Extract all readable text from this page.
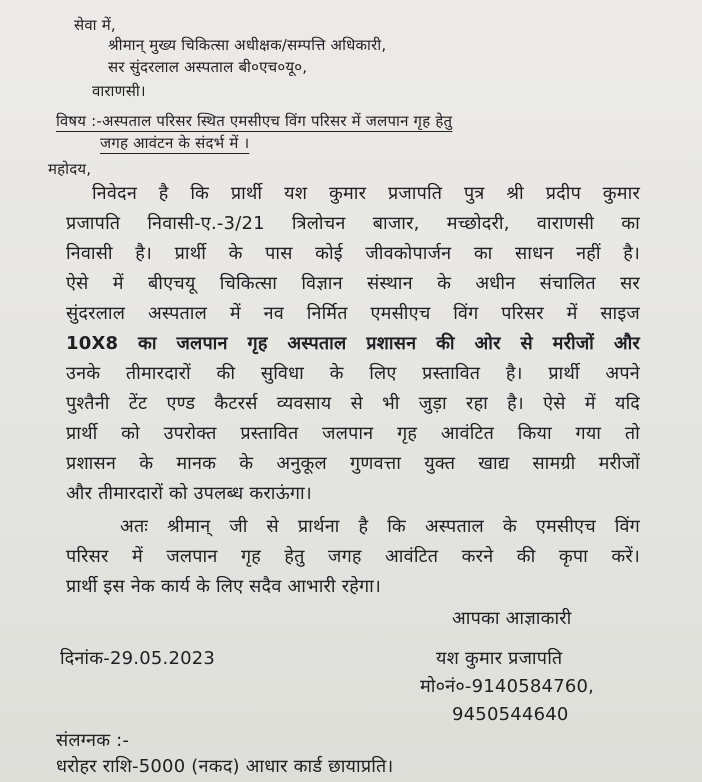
सेवा में,
श्रीमान् मुख्य चिकित्सा अधीक्षक/सम्पत्ति अधिकारी,
सर सुंदरलाल अस्पताल बी०एच०यू०,
वाराणसी।
विषय :-अस्पताल परिसर स्थित एमसीएच विंग परिसर में जलपान गृह हेतु
जगह आवंटन के संदर्भ में ।
महोदय,
निवेदन है कि प्रार्थी यश कुमार प्रजापति पुत्र श्री प्रदीप कुमार
प्रजापति निवासी-ए.-3/21 त्रिलोचन बाजार, मच्छोदरी, वाराणसी का
निवासी है। प्रार्थी के पास कोई जीवकोपार्जन का साधन नहीं है।
ऐसे में बीएचयू चिकित्सा विज्ञान संस्थान के अधीन संचालित सर
सुंदरलाल अस्पताल में नव निर्मित एमसीएच विंग परिसर में साइज
10X8 का जलपान गृह अस्पताल प्रशासन की ओर से मरीजों और
उनके तीमारदारों की सुविधा के लिए प्रस्तावित है। प्रार्थी अपने
पुश्तैनी टेंट एण्ड कैटरर्स व्यवसाय से भी जुड़ा रहा है। ऐसे में यदि
प्रार्थी को उपरोक्त प्रस्तावित जलपान गृह आवंटित किया गया तो
प्रशासन के मानक के अनुकूल गुणवत्ता युक्त खाद्य सामग्री मरीजों
और तीमारदारों को उपलब्ध कराऊंगा।
अतः श्रीमान् जी से प्रार्थना है कि अस्पताल के एमसीएच विंग
परिसर में जलपान गृह हेतु जगह आवंटित करने की कृपा करें।
प्रार्थी इस नेक कार्य के लिए सदैव आभारी रहेगा।
आपका आज्ञाकारी
दिनांक-29.05.2023	यश कुमार प्रजापति
मो०नं०-9140584760,
9450544640
संलग्नक :-
धरोहर राशि-5000 (नकद) आधार कार्ड छायाप्रति।
